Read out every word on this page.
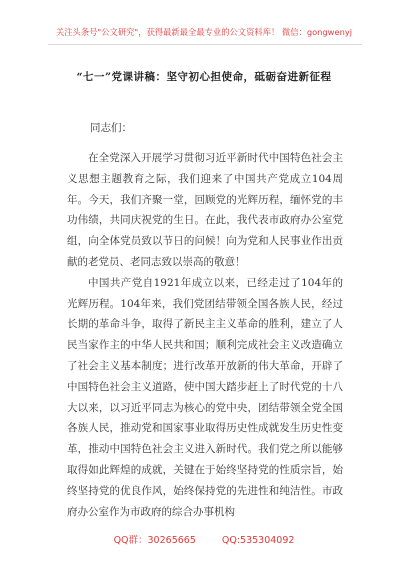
关注头条号"公文研究"，获得最新最全最专业的公文资料库！ 微信：gongwenyj
“七一”党课讲稿：坚守初心担使命，砥砺奋进新征程
同志们：

在全党深入开展学习贯彻习近平新时代中国特色社会主义思想主题教育之际，我们迎来了中国共产党成立104周年。今天，我们齐聚一堂，回顾党的光辉历程，缅怀党的丰功伟绩，共同庆祝党的生日。在此，我代表市政府办公室党组，向全体党员致以节日的问候！向为党和人民事业作出贡献的老党员、老同志致以崇高的敬意！

中国共产党自1921年成立以来，已经走过了104年的光辉历程。104年来，我们党团结带领全国各族人民，经过长期的革命斗争，取得了新民主主义革命的胜利，建立了人民当家作主的中华人民共和国；顺利完成社会主义改造确立了社会主义基本制度；进行改革开放新的伟大革命，开辟了中国特色社会主义道路，使中国大踏步赶上了时代党的十八大以来，以习近平同志为核心的党中央，团结带领全党全国各族人民，推动党和国家事业取得历史性成就发生历史性变革，推动中国特色社会主义进入新时代。我们党之所以能够取得如此辉煌的成就，关键在于始终坚持党的性质宗旨，始终坚持党的优良作风，始终保持党的先进性和纯洁性。市政府办公室作为市政府的综合办事机构

QQ群：30265665	QQ:535304092
